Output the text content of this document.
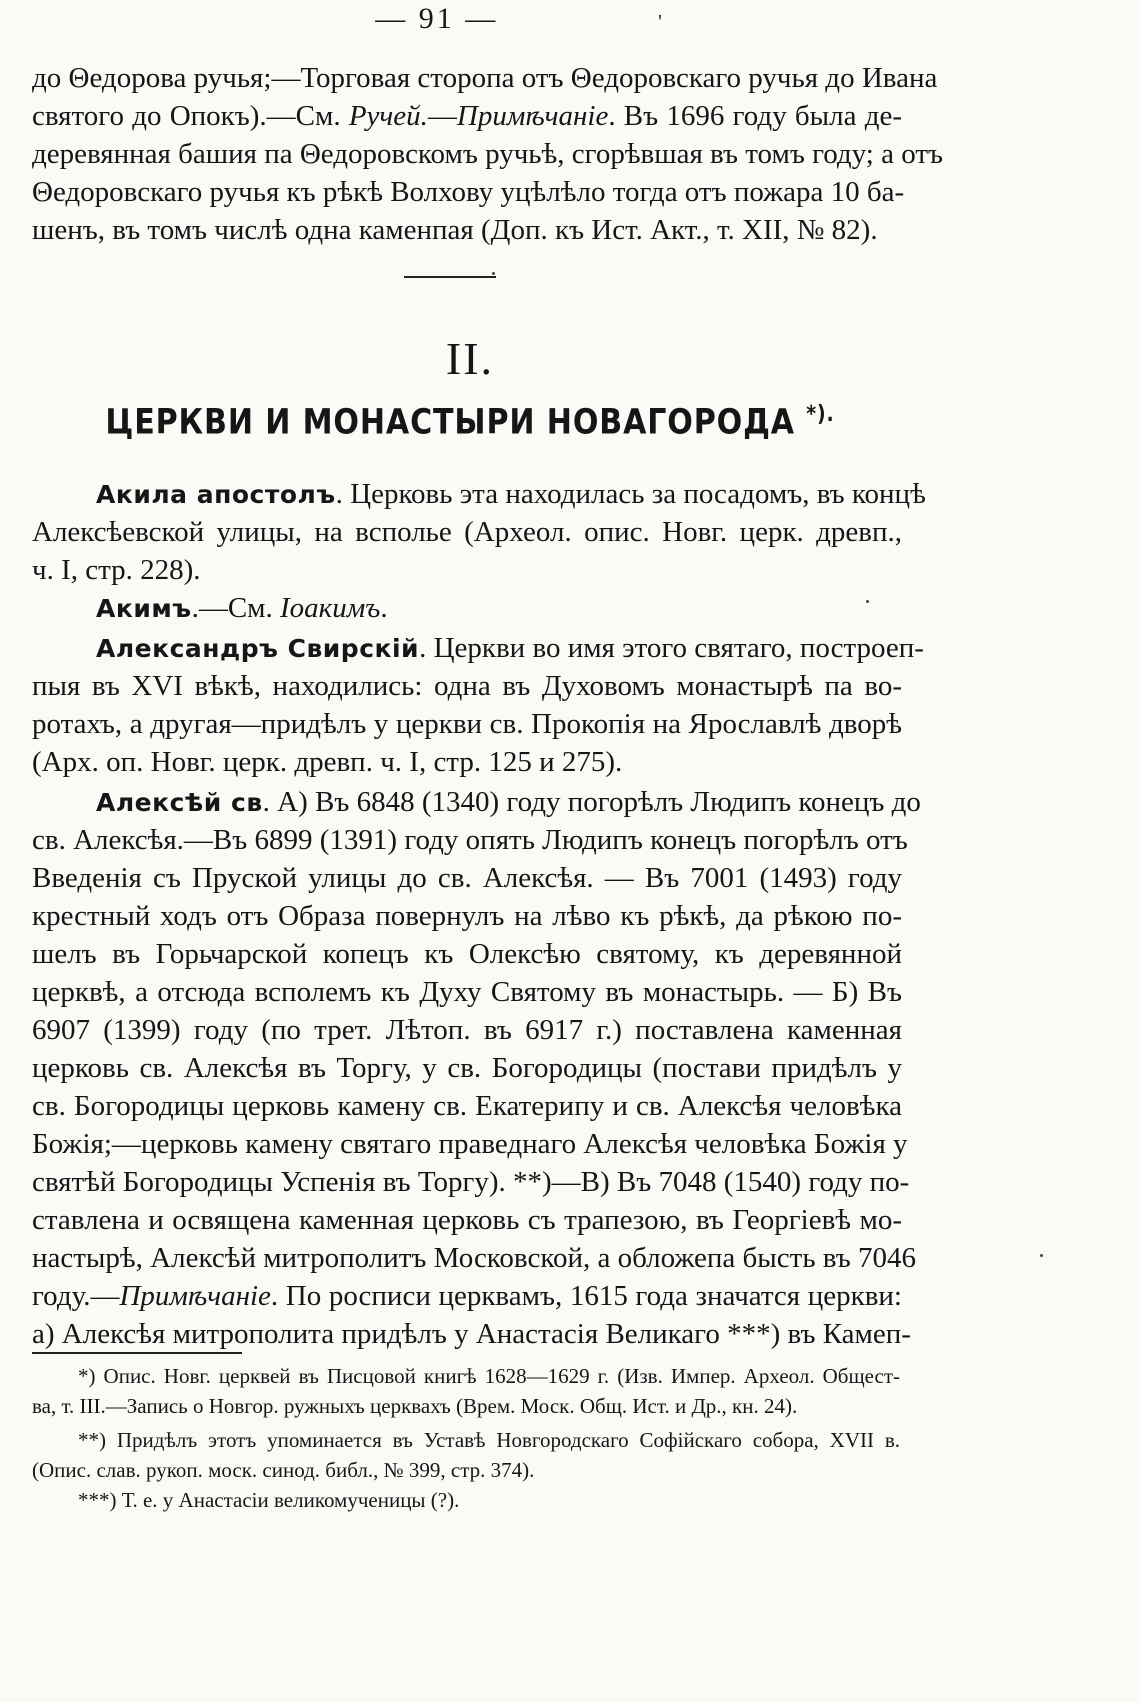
— 91 —	'
до Θедорова ручья;—Торговая сторопа отъ Θедоровскаго ручья до Ивана
святого до Опокъ).—См. Ручей.—Примѣчаніе. Въ 1696 году была де-
деревянная башия па Θедоровскомъ ручьѣ, сгорѣвшая въ томъ году; а отъ
Θедоровскаго ручья къ рѣкѣ Волхову уцѣлѣло тогда отъ пожара 10 ба-
шенъ, въ томъ числѣ одна каменпая (Доп. къ Ист. Акт., т. XII, № 82).
Акила апостолъ. Церковь эта находилась за посадомъ, въ концѣ
Алексѣевской улицы, на всполье (Археол. опис. Новг. церк. древп.,
ч. I, стр. 228).
Акимъ.—См. Іоакимъ.
Александръ Свирскій. Церкви во имя этого святаго, построеп-
пыя въ XVI вѣкѣ, находились: одна въ Духовомъ монастырѣ па во-
ротахъ, а другая—придѣлъ у церкви св. Прокопія на Ярославлѣ дворѣ
(Арх. оп. Новг. церк. древп. ч. I, стр. 125 и 275).
Алексѣй св. А) Въ 6848 (1340) году погорѣлъ Людипъ конецъ до
св. Алексѣя.—Въ 6899 (1391) году опять Людипъ конецъ погорѣлъ отъ
Введенія съ Пруской улицы до св. Алексѣя. — Въ 7001 (1493) году
крестный ходъ отъ Образа повернулъ на лѣво къ рѣкѣ, да рѣкою по-
шелъ въ Горьчарской копецъ къ Олексѣю святому, къ деревянной
церквѣ, а отсюда всполемъ къ Духу Святому въ монастырь. — Б) Въ
6907 (1399) году (по трет. Лѣтоп. въ 6917 г.) поставлена каменная
церковь св. Алексѣя въ Торгу, у св. Богородицы (постави придѣлъ у
св. Богородицы церковь камену св. Екатерипу и св. Алексѣя человѣка
Божія;—церковь камену святаго праведнаго Алексѣя человѣка Божія у
святѣй Богородицы Успенія въ Торгу). **)—В) Въ 7048 (1540) году по-
ставлена и освящена каменная церковь съ трапезою, въ Георгіевѣ мо-
настырѣ, Алексѣй митрополитъ Московской, а обложепа бысть въ 7046
году.—Примѣчаніе. По росписи церквамъ, 1615 года значатся церкви:
а) Алексѣя митрополита придѣлъ у Анастасія Великаго ***) въ Камеп-
II.
ЦЕРКВИ И МОНАСТЫРИ НОВАГОРОДА *).
*) Опис. Новг. церквей въ Писцовой книгѣ 1628—1629 г. (Изв. Импер. Археол. Общест-
ва, т. III.—Запись о Новгор. ружныхъ церквахъ (Врем. Моск. Общ. Ист. и Др., кн. 24).
**) Придѣлъ этотъ упоминается въ Уставѣ Новгородскаго Софійскаго собора, XVII в.
(Опис. слав. рукоп. моск. синод. библ., № 399, стр. 374).
***) Т. е. у Анастасіи великомученицы (?).
